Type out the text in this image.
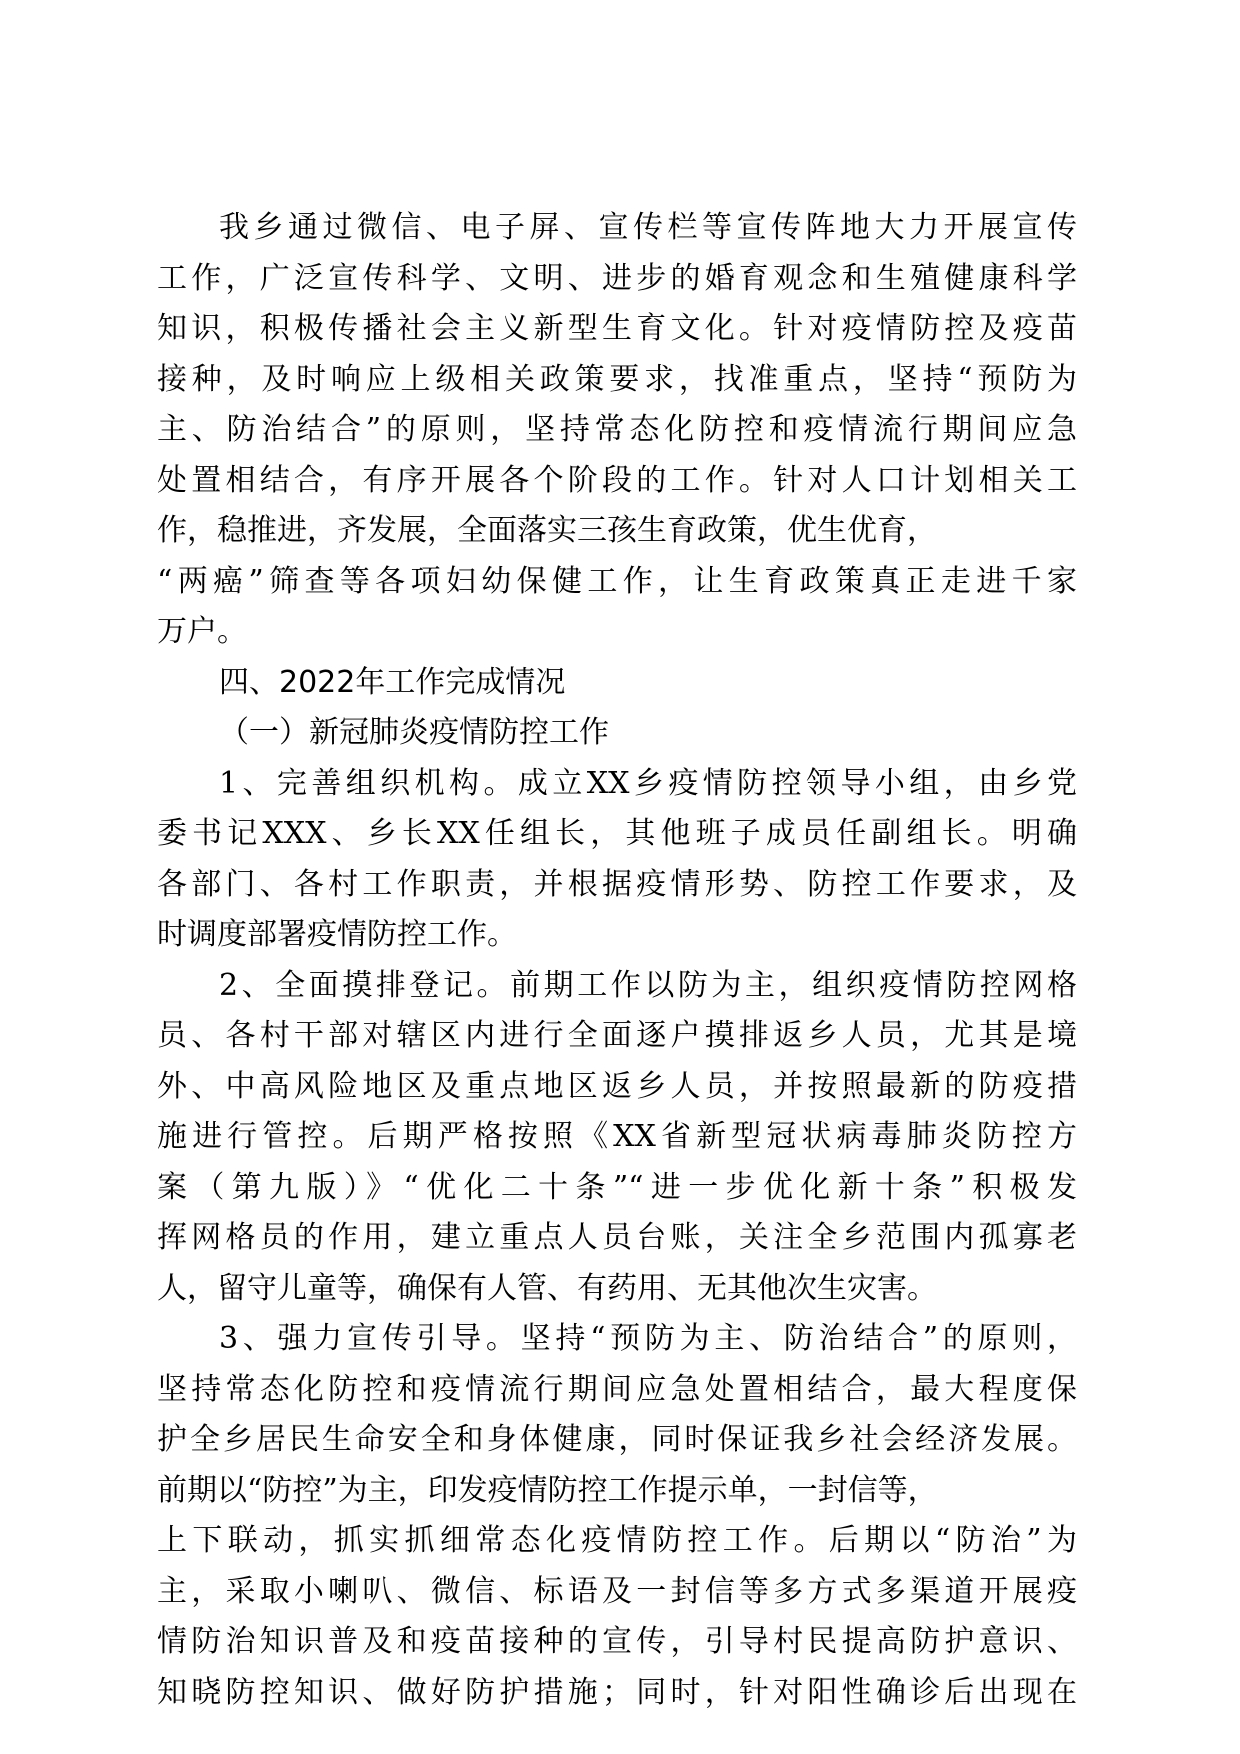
我乡通过微信、电子屏、宣传栏等宣传阵地大力开展宣传
工作，广泛宣传科学、文明、进步的婚育观念和生殖健康科学
知识，积极传播社会主义新型生育文化。针对疫情防控及疫苗
接种，及时响应上级相关政策要求，找准重点，坚持“预防为
主、防治结合”的原则，坚持常态化防控和疫情流行期间应急
处置相结合，有序开展各个阶段的工作。针对人口计划相关工
作，稳推进，齐发展，全面落实三孩生育政策，优生优育，
“两癌”筛查等各项妇幼保健工作，让生育政策真正走进千家
万户。
四、2022年工作完成情况
（一）新冠肺炎疫情防控工作
1、完善组织机构。成立XX乡疫情防控领导小组，由乡党
委书记XXX、乡长XX任组长，其他班子成员任副组长。明确
各部门、各村工作职责，并根据疫情形势、防控工作要求，及
时调度部署疫情防控工作。
2、全面摸排登记。前期工作以防为主，组织疫情防控网格
员、各村干部对辖区内进行全面逐户摸排返乡人员，尤其是境
外、中高风险地区及重点地区返乡人员，并按照最新的防疫措
施进行管控。后期严格按照《XX省新型冠状病毒肺炎防控方
案（第九版）》“优化二十条”“进一步优化新十条”积极发
挥网格员的作用，建立重点人员台账，关注全乡范围内孤寡老
人，留守儿童等，确保有人管、有药用、无其他次生灾害。
3、强力宣传引导。坚持“预防为主、防治结合”的原则，
坚持常态化防控和疫情流行期间应急处置相结合，最大程度保
护全乡居民生命安全和身体健康，同时保证我乡社会经济发展。
前期以“防控”为主，印发疫情防控工作提示单，一封信等，
上下联动，抓实抓细常态化疫情防控工作。后期以“防治”为
主，采取小喇叭、微信、标语及一封信等多方式多渠道开展疫
情防治知识普及和疫苗接种的宣传，引导村民提高防护意识、
知晓防控知识、做好防护措施；同时，针对阳性确诊后出现在
